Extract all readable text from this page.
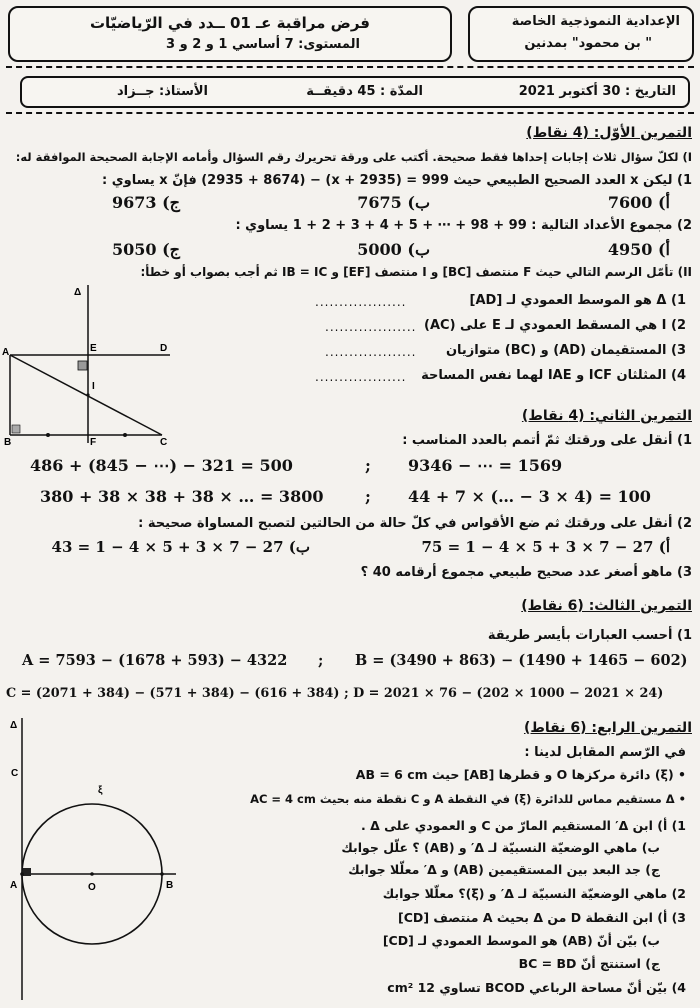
الإعدادية النموذجية الخاصة
" بن محمود" بمدنين
فرض مراقبة عـ 01 ــدد في الرّياضيّات
المستوى: 7 أساسي 1 و 2 و 3
التاريخ : 30 أكتوبر 2021
المدّة : 45 دقيقــة
الأستاذ: جــزاد
التمرين الأوّل: (4 نقاط)
I) لكلّ سؤال ثلاث إجابات إحداها فقط صحيحة. أكتب على ورقة تحريرك رقم السؤال وأمامه الإجابة الصحيحة الموافقة له:
1) ليكن x العدد الصحيح الطبيعي حيث 999 = (2935 + x) − (2935 + 8674) فإنّ x يساوي :
أ) 7600
ب) 7675
ج) 9673
2) مجموع الأعداد التالية : 99 + 98 + ⋯ + 5 + 4 + 3 + 2 + 1 يساوي :
أ) 4950
ب) 5000
ج) 5050
II) تأمّل الرسم التالي حيث F منتصف [BC] و I منتصف [EF] و IB = IC ثم أجب بصواب أو خطأ:
1) Δ هو الموسط العمودي لـ [AD]
2) I هي المسقط العمودي لـ E على (AC)
3) المستقيمان (AD) و (BC) متوازيان
4) المثلثان ICF و IAE لهما نفس المساحة
...................
...................
...................
...................
Δ
A	E	D
I
B	F	C
التمرين الثاني: (4 نقاط)
1) أنقل على ورقتك ثمّ أتمم بالعدد المناسب :
9346 − ⋯ = 1569
;
486 + (845 − ⋯) − 321 = 500
44 + 7 × (… − 3 × 4) = 100
;
380 + 38 × 38 + 38 × … = 3800
2) أنقل على ورقتك ثم ضع الأقواس في كلّ حالة من الحالتين لتصبح المساواة صحيحة :
أ) 27 − 7 × 3 + 5 × 4 − 1 = 75
ب) 27 − 7 × 3 + 5 × 4 − 1 = 43
3) ماهو أصغر عدد صحيح طبيعي مجموع أرقامه 40 ؟
التمرين الثالث: (6 نقاط)
1) أحسب العبارات بأيسر طريقة
A = 7593 − (1678 + 593) − 4322 ; B = (3490 + 863) − (1490 + 1465 − 602)
C = (2071 + 384) − (571 + 384) − (616 + 384) ; D = 2021 × 76 − (202 × 1000 − 2021 × 24)
التمرين الرابع: (6 نقاط)
في الرّسم المقابل لدينا :
• (ξ) دائرة مركزها O و قطرها [AB] حيث AB = 6 cm
• Δ مستقيم مماس للدائرة (ξ) في النقطة A و C نقطة منه بحيث AC = 4 cm
1) أ) ابن Δ′ المستقيم المارّ من C و العمودي على Δ .
ب) ماهي الوضعيّة النسبيّة لـ Δ′ و (AB) ؟ علّل جوابك
ج) جد البعد بين المستقيمين (AB) و Δ′ معلّلا جوابك
2) ماهي الوضعيّة النسبيّة لـ Δ′ و (ξ)؟ معلّلا جوابك
3) أ) ابن النقطة D من Δ بحيث A منتصف [CD]
ب) بيّن أنّ (AB) هو الموسط العمودي لـ [CD]
ج) استنتج أنّ BC = BD
4) بيّن أنّ مساحة الرباعي BCOD تساوي 12 cm²
Δ
C
ξ
A	O	B
